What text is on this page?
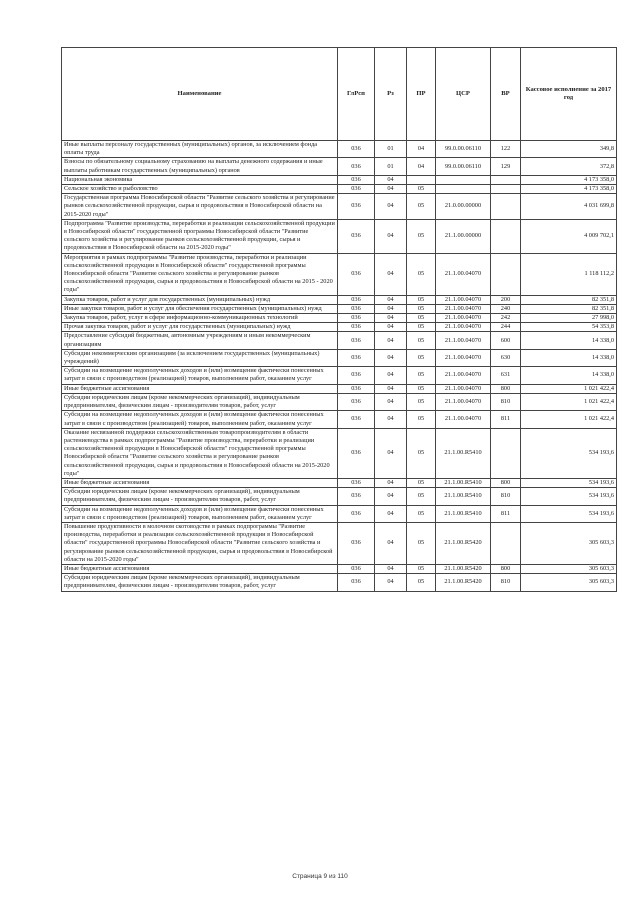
Наименование	ГлРсп	Рз	ПР	ЦСР	ВР	Кассовое исполнение за 2017 год
Иные выплаты персоналу государственных (муниципальных) органов, за исключением фонда оплаты труда	036	01	04	99.0.00.06110	122	349,8
Взносы по обязательному социальному страхованию на выплаты денежного содержания и иные выплаты работникам государственных (муниципальных) органов	036	01	04	99.0.00.06110	129	372,8
Национальная экономика	036	04				4 173 358,0
Сельское хозяйство и рыболовство	036	04	05			4 173 358,0
Государственная программа Новосибирской области "Развитие сельского хозяйства и регулирование рынков сельскохозяйственной продукции, сырья и продовольствия в Новосибирской области на 2015-2020 годы"	036	04	05	21.0.00.00000		4 031 699,8
Подпрограмма "Развитие производства, переработки и реализации сельскохозяйственной продукции в Новосибирской области" государственной программы Новосибирской области "Развитие сельского хозяйства и регулирование рынков сельскохозяйственной продукции, сырья и продовольствия в Новосибирской области на 2015-2020 годы"	036	04	05	21.1.00.00000		4 009 702,1
Мероприятия в рамках подпрограммы "Развитие производства, переработки и реализации сельскохозяйственной продукции в Новосибирской области" государственной программы Новосибирской области "Развитие сельского хозяйства и регулирование рынков сельскохозяйственной продукции, сырья и продовольствия в Новосибирской области на 2015 - 2020 годы"	036	04	05	21.1.00.04070		1 118 112,2
Закупка товаров, работ и услуг для государственных (муниципальных) нужд	036	04	05	21.1.00.04070	200	82 351,8
Иные закупки товаров, работ и услуг для обеспечения государственных (муниципальных) нужд	036	04	05	21.1.00.04070	240	82 351,8
Закупка товаров, работ, услуг в сфере информационно-коммуникационных технологий	036	04	05	21.1.00.04070	242	27 998,0
Прочая закупка товаров, работ и услуг для государственных (муниципальных) нужд	036	04	05	21.1.00.04070	244	54 353,8
Предоставление субсидий бюджетным, автономным учреждениям и иным некоммерческим организациям	036	04	05	21.1.00.04070	600	14 338,0
Субсидии некоммерческим организациям (за исключением государственных (муниципальных) учреждений)	036	04	05	21.1.00.04070	630	14 338,0
Субсидии на возмещение недополученных доходов и (или) возмещение фактически понесенных затрат в связи с производством (реализацией) товаров, выполнением работ, оказанием услуг	036	04	05	21.1.00.04070	631	14 338,0
Иные бюджетные ассигнования	036	04	05	21.1.00.04070	800	1 021 422,4
Субсидии юридическим лицам (кроме некоммерческих организаций), индивидуальным предпринимателям, физическим лицам - производителям товаров, работ, услуг	036	04	05	21.1.00.04070	810	1 021 422,4
Субсидии на возмещение недополученных доходов и (или) возмещение фактически понесенных затрат в связи с производством (реализацией) товаров, выполнением работ, оказанием услуг	036	04	05	21.1.00.04070	811	1 021 422,4
Оказание несвязанной поддержки сельскохозяйственным товаропроизводителям в области растениеводства в рамках подпрограммы "Развитие производства, переработки и реализации сельскохозяйственной продукции в Новосибирской области" государственной программы Новосибирской области "Развитие сельского хозяйства и регулирование рынков сельскохозяйственной продукции, сырья и продовольствия в Новосибирской области на 2015-2020 годы"	036	04	05	21.1.00.R5410		534 193,6
Иные бюджетные ассигнования	036	04	05	21.1.00.R5410	800	534 193,6
Субсидии юридическим лицам (кроме некоммерческих организаций), индивидуальным предпринимателям, физическим лицам - производителям товаров, работ, услуг	036	04	05	21.1.00.R5410	810	534 193,6
Субсидии на возмещение недополученных доходов и (или) возмещение фактически понесенных затрат в связи с производством (реализацией) товаров, выполнением работ, оказанием услуг	036	04	05	21.1.00.R5410	811	534 193,6
Повышение продуктивности в молочном скотоводстве в рамках подпрограммы "Развитие производства, переработки и реализации сельскохозяйственной продукции в Новосибирской области" государственной программы Новосибирской области "Развитие сельского хозяйства и регулирование рынков сельскохозяйственной продукции, сырья и продовольствия в Новосибирской области на 2015-2020 годы"	036	04	05	21.1.00.R5420		305 603,3
Иные бюджетные ассигнования	036	04	05	21.1.00.R5420	800	305 603,3
Субсидии юридическим лицам (кроме некоммерческих организаций), индивидуальным предпринимателям, физическим лицам - производителям товаров, работ, услуг	036	04	05	21.1.00.R5420	810	305 603,3
Страница 9 из 110
